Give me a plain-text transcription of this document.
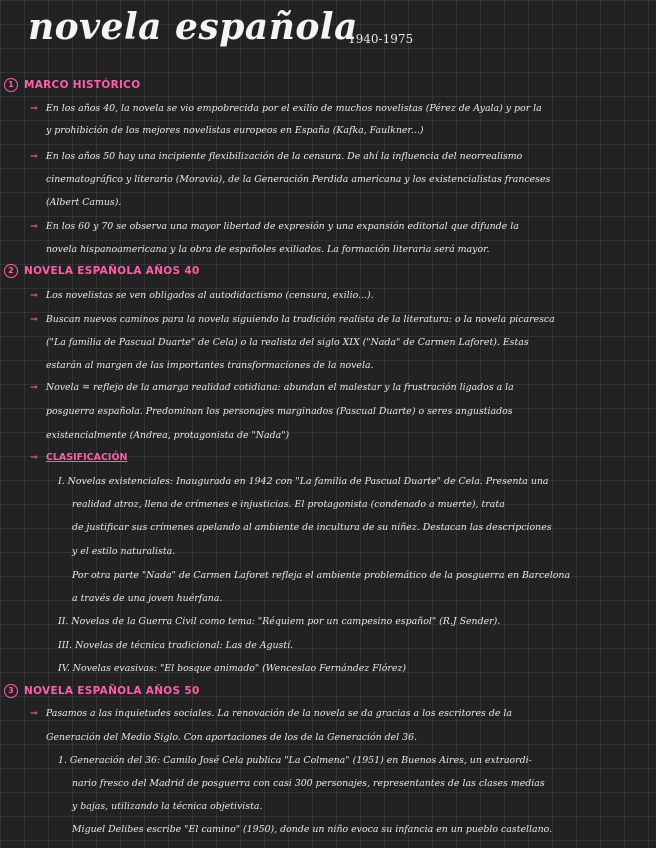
novela española
1940-1975
1 MARCO HISTÓRICO
→ En los años 40, la novela se vio empobrecida por el exilio de muchos novelistas (Pérez de Ayala) y por la
y prohibición de los mejores novelistas europeos en España (Kafka, Faulkner...)
→ En los años 50 hay una incipiente flexibilización de la censura. De ahí la influencia del neorrealismo
cinematográfico y literario (Moravia), de la Generación Perdida americana y los existencialistas franceses
(Albert Camus).
→ En los 60 y 70 se observa una mayor libertad de expresión y una expansión editorial que difunde la
novela hispanoamericana y la obra de españoles exiliados. La formación literaria será mayor.
2 NOVELA ESPAÑOLA AÑOS 40
→ Los novelistas se ven obligados al autodidactismo (censura, exilio...).
→ Buscan nuevos caminos para la novela siguiendo la tradición realista de la literatura: o la novela picaresca
("La familia de Pascual Duarte" de Cela) o la realista del siglo XIX ("Nada" de Carmen Laforet). Estas
estarán al margen de las importantes transformaciones de la novela.
→ Novela = reflejo de la amarga realidad cotidiana: abundan el malestar y la frustración ligados a la
posguerra española. Predominan los personajes marginados (Pascual Duarte) o seres angustiados
existencialmente (Andrea, protagonista de "Nada")
→ CLASIFICACIÓN
I. Novelas existenciales: Inaugurada en 1942 con "La familia de Pascual Duarte" de Cela. Presenta una
realidad atroz, llena de crímenes e injusticias. El protagonista (condenado a muerte), trata
de justificar sus crímenes apelando al ambiente de incultura de su niñez. Destacan las descripciones
y el estilo naturalista.
Por otra parte "Nada" de Carmen Laforet refleja el ambiente problemático de la posguerra en Barcelona
a través de una joven huérfana.
II. Novelas de la Guerra Civil como tema: "Réquiem por un campesino español" (R.J Sender).
III. Novelas de técnica tradicional: Las de Agustí.
IV. Novelas evasivas: "El bosque animado" (Wenceslao Fernández Flórez)
3 NOVELA ESPAÑOLA AÑOS 50
→ Pasamos a las inquietudes sociales. La renovación de la novela se da gracias a los escritores de la
Generación del Medio Siglo. Con aportaciones de los de la Generación del 36.
1. Generación del 36: Camilo José Cela publica "La Colmena" (1951) en Buenos Aires, un extraordi-
nario fresco del Madrid de posguerra con casi 300 personajes, representantes de las clases medias
y bajas, utilizando la técnica objetivista.
Miguel Delibes escribe "El camino" (1950), donde un niño evoca su infancia en un pueblo castellano.
